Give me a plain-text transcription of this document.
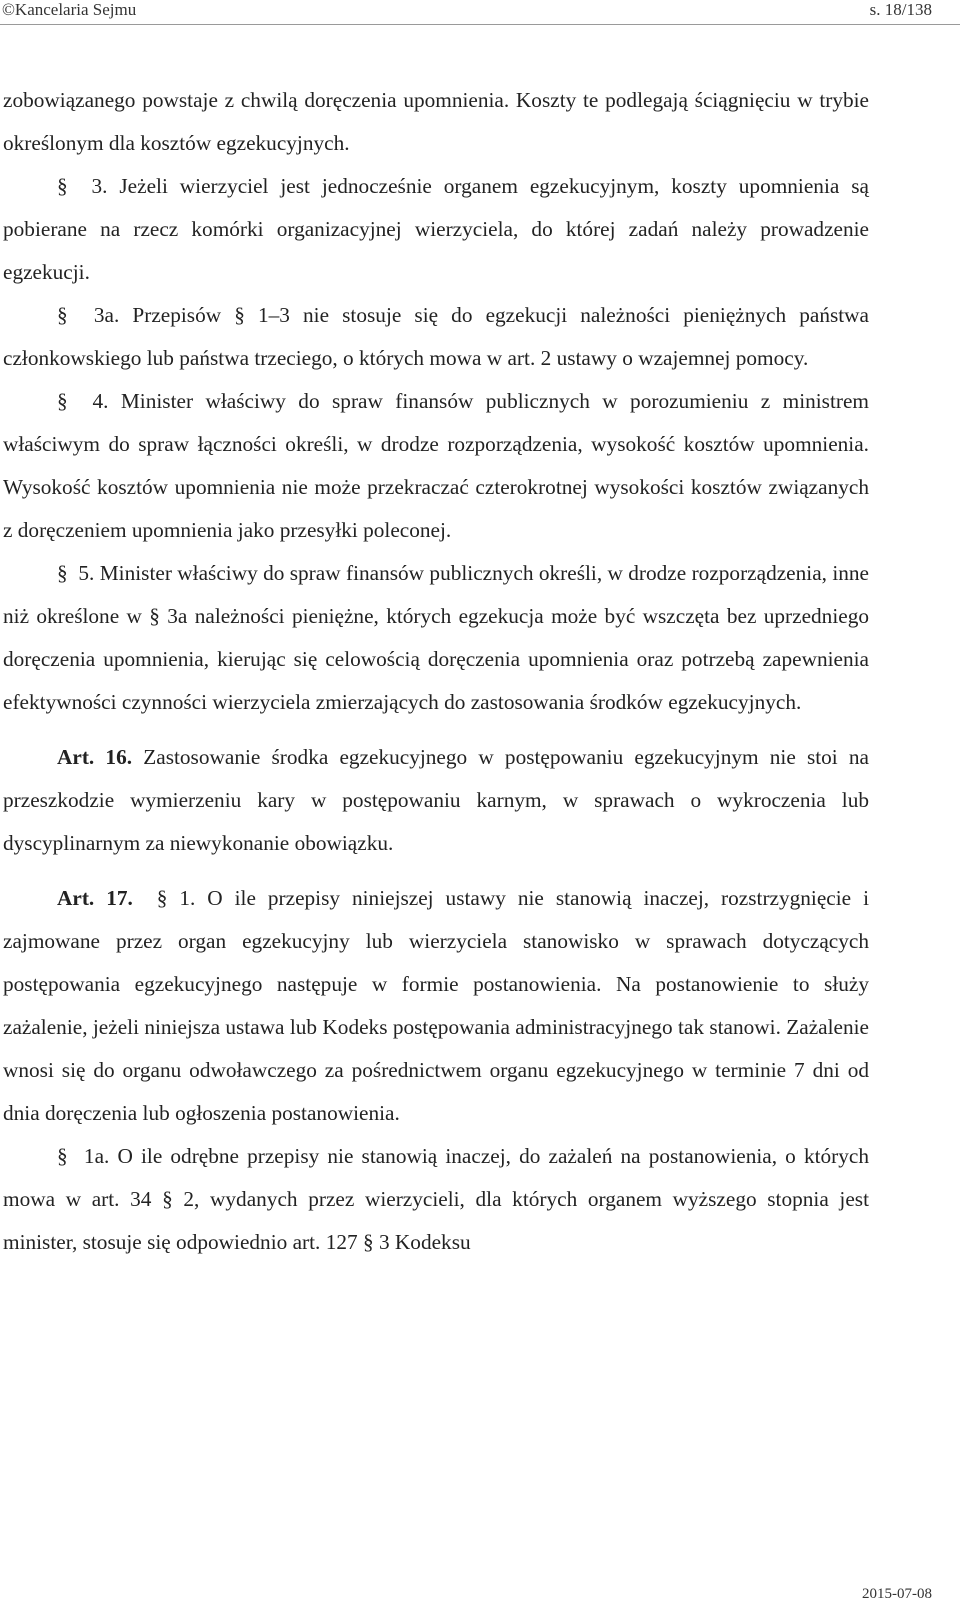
©Kancelaria Sejmu	s. 18/138

zobowiązanego powstaje z chwilą doręczenia upomnienia. Koszty te podlegają ściągnięciu w trybie określonym dla kosztów egzekucyjnych.

§ 3. Jeżeli wierzyciel jest jednocześnie organem egzekucyjnym, koszty upomnienia są pobierane na rzecz komórki organizacyjnej wierzyciela, do której zadań należy prowadzenie egzekucji.

§ 3a. Przepisów § 1–3 nie stosuje się do egzekucji należności pieniężnych państwa członkowskiego lub państwa trzeciego, o których mowa w art. 2 ustawy o wzajemnej pomocy.

§ 4. Minister właściwy do spraw finansów publicznych w porozumieniu z ministrem właściwym do spraw łączności określi, w drodze rozporządzenia, wysokość kosztów upomnienia. Wysokość kosztów upomnienia nie może przekraczać czterokrotnej wysokości kosztów związanych z doręczeniem upomnienia jako przesyłki poleconej.

§ 5. Minister właściwy do spraw finansów publicznych określi, w drodze rozporządzenia, inne niż określone w § 3a należności pieniężne, których egzekucja może być wszczęta bez uprzedniego doręczenia upomnienia, kierując się celowością doręczenia upomnienia oraz potrzebą zapewnienia efektywności czynności wierzyciela zmierzających do zastosowania środków egzekucyjnych.

Art. 16. Zastosowanie środka egzekucyjnego w postępowaniu egzekucyjnym nie stoi na przeszkodzie wymierzeniu kary w postępowaniu karnym, w sprawach o wykroczenia lub dyscyplinarnym za niewykonanie obowiązku.

Art. 17. § 1. O ile przepisy niniejszej ustawy nie stanowią inaczej, rozstrzygnięcie i zajmowane przez organ egzekucyjny lub wierzyciela stanowisko w sprawach dotyczących postępowania egzekucyjnego następuje w formie postanowienia. Na postanowienie to służy zażalenie, jeżeli niniejsza ustawa lub Kodeks postępowania administracyjnego tak stanowi. Zażalenie wnosi się do organu odwoławczego za pośrednictwem organu egzekucyjnego w terminie 7 dni od dnia doręczenia lub ogłoszenia postanowienia.

§ 1a. O ile odrębne przepisy nie stanowią inaczej, do zażaleń na postanowienia, o których mowa w art. 34 § 2, wydanych przez wierzycieli, dla których organem wyższego stopnia jest minister, stosuje się odpowiednio art. 127 § 3 Kodeksu

2015-07-08
